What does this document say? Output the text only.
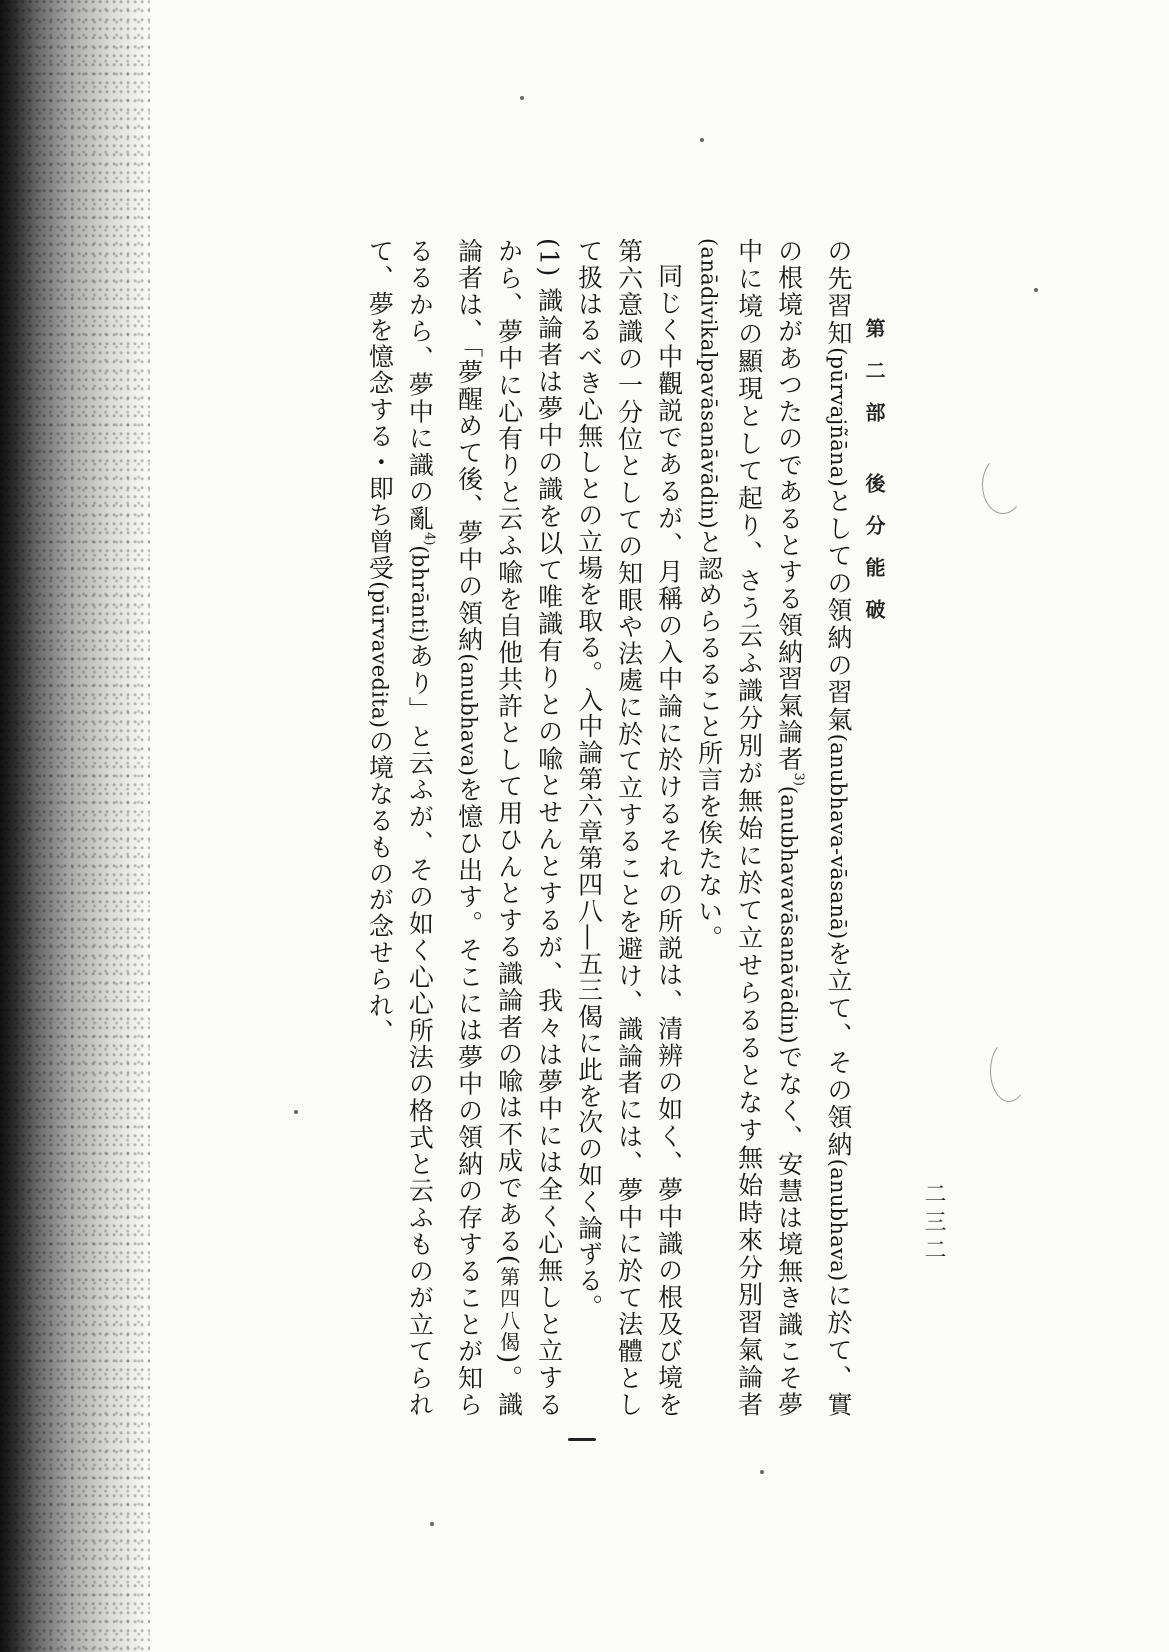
第二部 後分能破
二三二

の先習知(pūrvajñāna)としての領納の習氣(anubhava-vāsanā)を立て、その領納(anubhava)に於て、實の根境があつたのであるとする領納習氣論者$^{3)}$(anubhavavāsanāvādin)でなく、安慧は境無き識こそ夢中に境の顯現として起り、さう云ふ識分別が無始に於て立せらるるとなす無始時來分別習氣論者(anādivikalpavāsanāvādin)と認めらるること所言を俟たない。

同じく中觀説であるが、月稱の入中論に於けるそれの所説は、清辨の如く、夢中識の根及び境を第六意識の一分位としての知眼や法處に於て立することを避け、識論者には、夢中に於て法體として扱はるべき心無しとの立場を取る。入中論第六章第四八―五三偈に此を次の如く論ずる。

(1) 識論者は夢中の識を以て唯識有りとの喩とせんとするが、我々は夢中には全く心無しと立するから、夢中に心有りと云ふ喩を自他共許として用ひんとする識論者の喩は不成である(第四八偈)。識論者は、「夢醒めて後、夢中の領納(anubhava)を憶ひ出す。そこには夢中の領納の存することが知らるるから、夢中に識の亂$^{4)}$(bhrānti)あり」と云ふが、その如く心心所法の格式と云ふものが立てられて、夢を憶念する・即ち曾受(pūrvavedita)の境なるものが念せられ、
